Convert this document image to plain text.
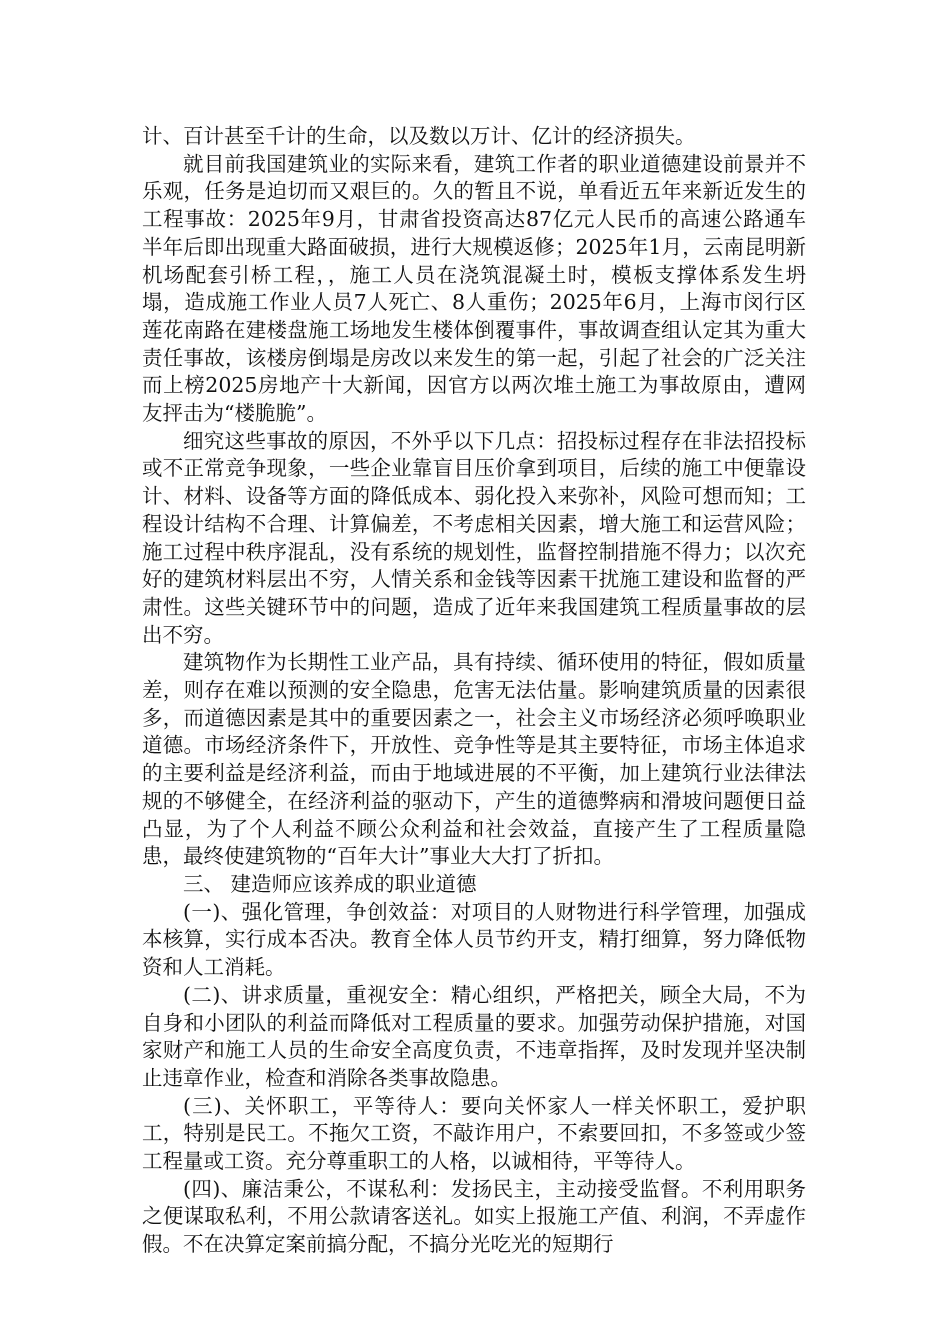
计、百计甚至千计的生命，以及数以万计、亿计的经济损失。

就目前我国建筑业的实际来看，建筑工作者的职业道德建设前景并不乐观，任务是迫切而又艰巨的。久的暂且不说，单看近五年来新近发生的工程事故：2025年9月，甘肃省投资高达87亿元人民币的高速公路通车半年后即出现重大路面破损，进行大规模返修；2025年1月，云南昆明新机场配套引桥工程，，施工人员在浇筑混凝土时，模板支撑体系发生坍塌，造成施工作业人员7人死亡、8人重伤；2025年6月，上海市闵行区莲花南路在建楼盘施工场地发生楼体倒覆事件，事故调查组认定其为重大责任事故，该楼房倒塌是房改以来发生的第一起，引起了社会的广泛关注而上榜2025房地产十大新闻，因官方以两次堆土施工为事故原由，遭网友抨击为“楼脆脆”。

细究这些事故的原因，不外乎以下几点：招投标过程存在非法招投标或不正常竞争现象，一些企业靠盲目压价拿到项目，后续的施工中便靠设计、材料、设备等方面的降低成本、弱化投入来弥补，风险可想而知；工程设计结构不合理、计算偏差，不考虑相关因素，增大施工和运营风险；施工过程中秩序混乱，没有系统的规划性，监督控制措施不得力；以次充好的建筑材料层出不穷，人情关系和金钱等因素干扰施工建设和监督的严肃性。这些关键环节中的问题，造成了近年来我国建筑工程质量事故的层出不穷。

建筑物作为长期性工业产品，具有持续、循环使用的特征，假如质量差，则存在难以预测的安全隐患，危害无法估量。影响建筑质量的因素很多，而道德因素是其中的重要因素之一，社会主义市场经济必须呼唤职业道德。市场经济条件下，开放性、竞争性等是其主要特征，市场主体追求的主要利益是经济利益，而由于地域进展的不平衡，加上建筑行业法律法规的不够健全，在经济利益的驱动下，产生的道德弊病和滑坡问题便日益凸显，为了个人利益不顾公众利益和社会效益，直接产生了工程质量隐患，最终使建筑物的“百年大计”事业大大打了折扣。

三、 建造师应该养成的职业道德

(一)、强化管理，争创效益：对项目的人财物进行科学管理，加强成本核算，实行成本否决。教育全体人员节约开支，精打细算，努力降低物资和人工消耗。

(二)、讲求质量，重视安全：精心组织，严格把关，顾全大局，不为自身和小团队的利益而降低对工程质量的要求。加强劳动保护措施，对国家财产和施工人员的生命安全高度负责，不违章指挥，及时发现并坚决制止违章作业，检查和消除各类事故隐患。

(三)、关怀职工，平等待人：要向关怀家人一样关怀职工，爱护职工，特别是民工。不拖欠工资，不敲诈用户，不索要回扣，不多签或少签工程量或工资。充分尊重职工的人格，以诚相待，平等待人。

(四)、廉洁秉公，不谋私利：发扬民主，主动接受监督。不利用职务之便谋取私利，不用公款请客送礼。如实上报施工产值、利润，不弄虚作假。不在决算定案前搞分配，不搞分光吃光的短期行
